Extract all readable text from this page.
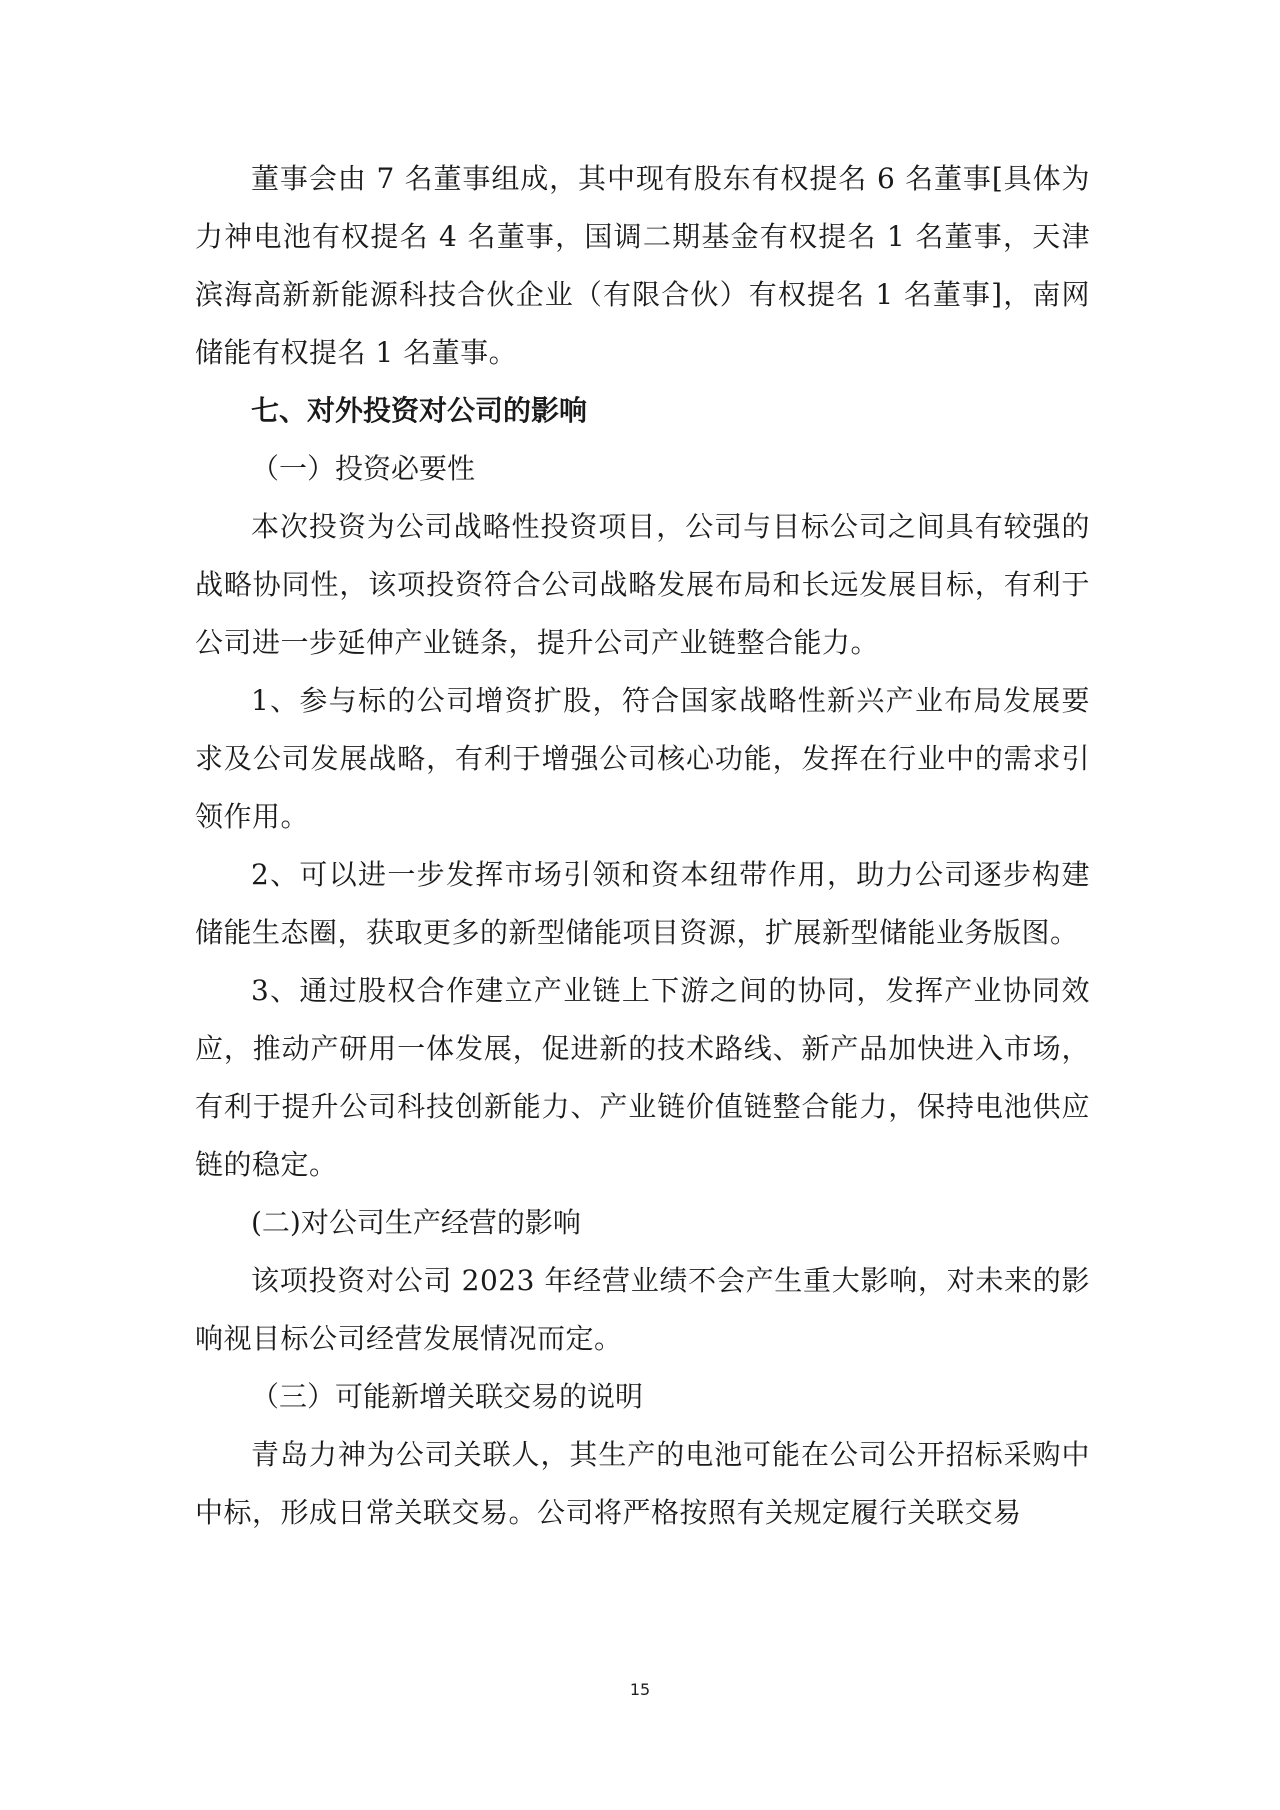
董事会由 7 名董事组成，其中现有股东有权提名 6 名董事[具体为力神电池有权提名 4 名董事，国调二期基金有权提名 1 名董事，天津滨海高新新能源科技合伙企业（有限合伙）有权提名 1 名董事]，南网储能有权提名 1 名董事。

七、对外投资对公司的影响

（一）投资必要性

本次投资为公司战略性投资项目，公司与目标公司之间具有较强的战略协同性，该项投资符合公司战略发展布局和长远发展目标，有利于公司进一步延伸产业链条，提升公司产业链整合能力。

1、参与标的公司增资扩股，符合国家战略性新兴产业布局发展要求及公司发展战略，有利于增强公司核心功能，发挥在行业中的需求引领作用。

2、可以进一步发挥市场引领和资本纽带作用，助力公司逐步构建储能生态圈，获取更多的新型储能项目资源，扩展新型储能业务版图。

3、通过股权合作建立产业链上下游之间的协同，发挥产业协同效应，推动产研用一体发展，促进新的技术路线、新产品加快进入市场，有利于提升公司科技创新能力、产业链价值链整合能力，保持电池供应链的稳定。

(二)对公司生产经营的影响

该项投资对公司 2023 年经营业绩不会产生重大影响，对未来的影响视目标公司经营发展情况而定。

（三）可能新增关联交易的说明

青岛力神为公司关联人，其生产的电池可能在公司公开招标采购中中标，形成日常关联交易。公司将严格按照有关规定履行关联交易

15
